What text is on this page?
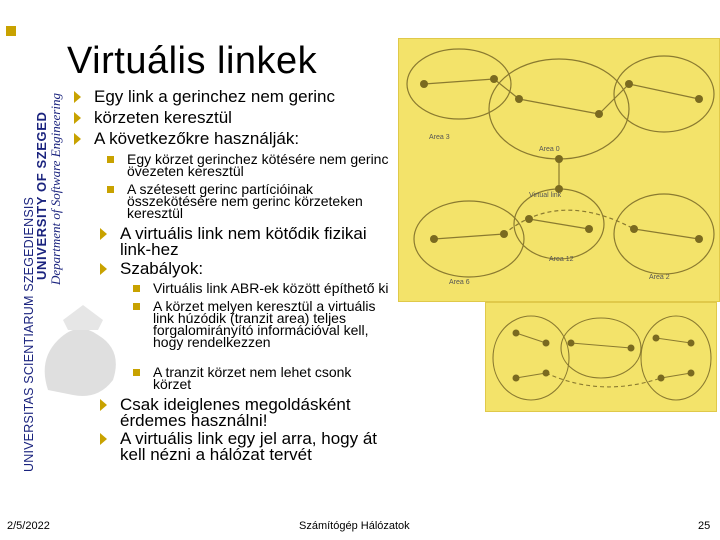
UNIVERSITAS SCIENTIARUM SZEGEDIENSIS
UNIVERSITY OF SZEGED Department of Software Engineering
Virtuális linkek
Egy link a gerinchez nem gerinc
körzeten keresztül
A következőkre használják:
Egy körzet gerinchez kötésére nem gerinc övezeten keresztül
A szétesett gerinc partícióinak összekötésére nem gerinc körzeteken keresztül
A virtuális link nem kötődik fizikai link-hez
Szabályok:
Virtuális link ABR-ek között építhető ki
A körzet melyen keresztül a virtuális link húzódik (tranzit area) teljes forgalomirányító információval kell, hogy rendelkezzen
A tranzit körzet nem lehet csonk körzet
Csak ideiglenes megoldásként érdemes használni!
A virtuális link egy jel arra, hogy át kell nézni a hálózat tervét
Area 3
Area 0
Area 6
Virtual link
Area 12
Area 2
2/5/2022	Számítógép Hálózatok	25
